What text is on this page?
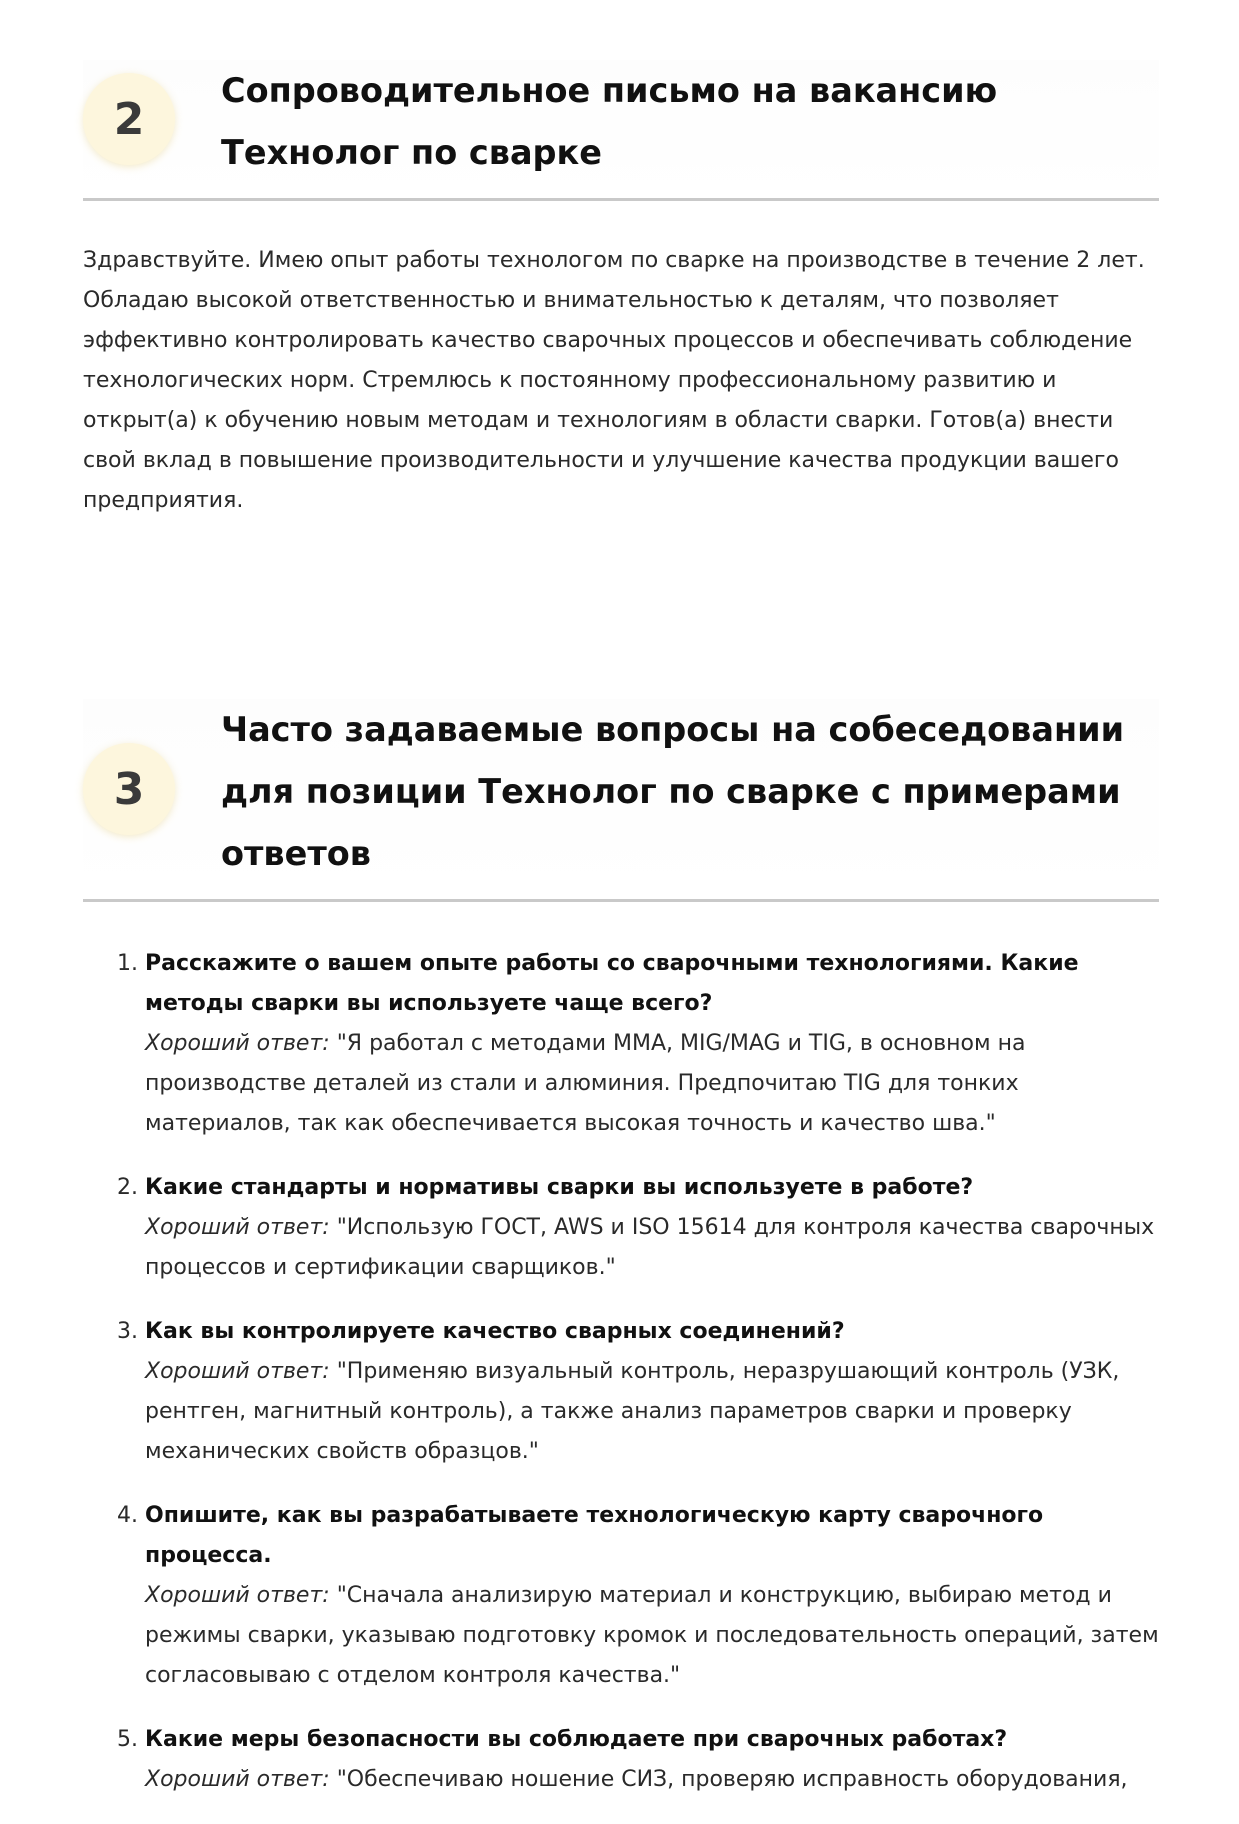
2
Сопроводительное письмо на вакансию Технолог по сварке

Здравствуйте. Имею опыт работы технологом по сварке на производстве в течение 2 лет. Обладаю высокой ответственностью и внимательностью к деталям, что позволяет эффективно контролировать качество сварочных процессов и обеспечивать соблюдение технологических норм. Стремлюсь к постоянному профессиональному развитию и открыт(а) к обучению новым методам и технологиям в области сварки. Готов(а) внести свой вклад в повышение производительности и улучшение качества продукции вашего предприятия.

3
Часто задаваемые вопросы на собеседовании для позиции Технолог по сварке с примерами ответов
1. Расскажите о вашем опыте работы со сварочными технологиями. Какие методы сварки вы используете чаще всего?
Хороший ответ: "Я работал с методами MMA, MIG/MAG и TIG, в основном на производстве деталей из стали и алюминия. Предпочитаю TIG для тонких материалов, так как обеспечивается высокая точность и качество шва."
2. Какие стандарты и нормативы сварки вы используете в работе?
Хороший ответ: "Использую ГОСТ, AWS и ISO 15614 для контроля качества сварочных процессов и сертификации сварщиков."
3. Как вы контролируете качество сварных соединений?
Хороший ответ: "Применяю визуальный контроль, неразрушающий контроль (УЗК, рентген, магнитный контроль), а также анализ параметров сварки и проверку механических свойств образцов."
4. Опишите, как вы разрабатываете технологическую карту сварочного процесса.
Хороший ответ: "Сначала анализирую материал и конструкцию, выбираю метод и режимы сварки, указываю подготовку кромок и последовательность операций, затем согласовываю с отделом контроля качества."
5. Какие меры безопасности вы соблюдаете при сварочных работах?
Хороший ответ: "Обеспечиваю ношение СИЗ, проверяю исправность оборудования,
